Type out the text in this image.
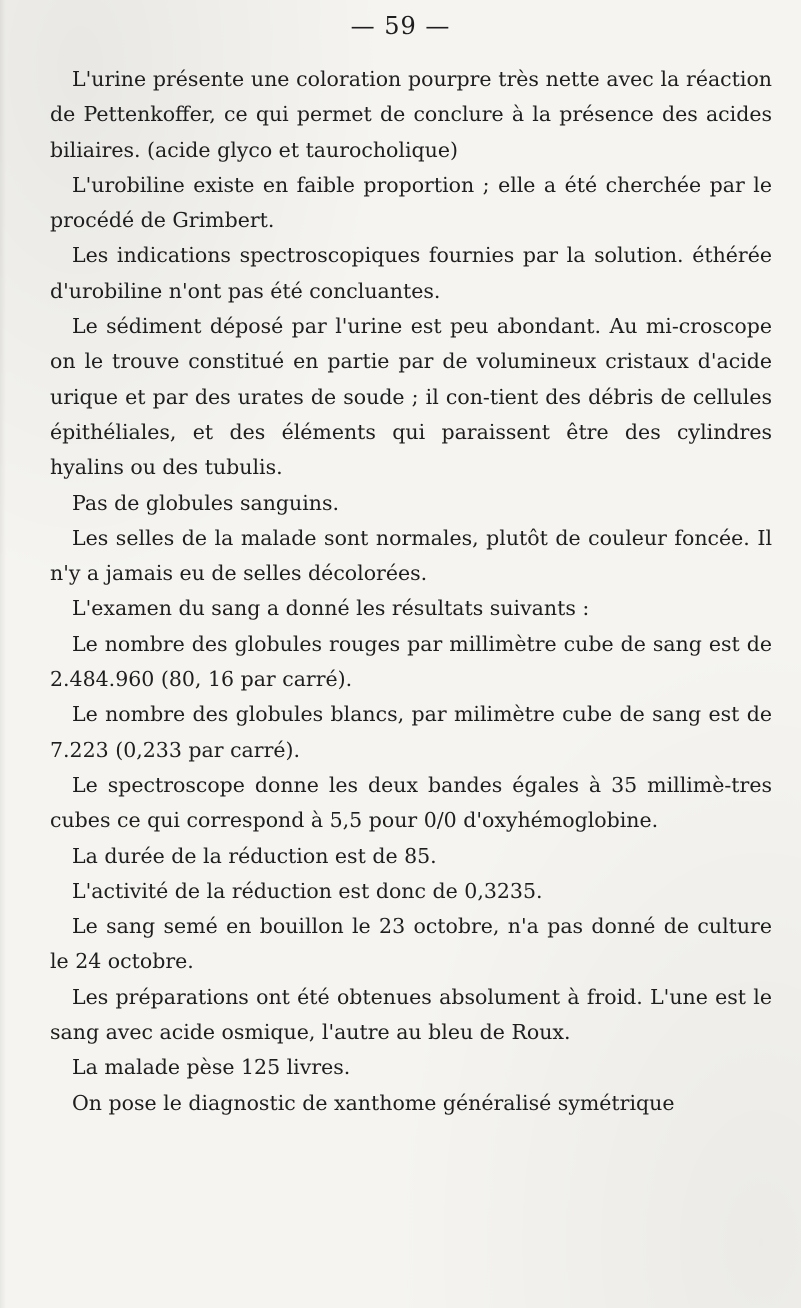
— 59 —

L'urine présente une coloration pourpre très nette avec la réaction de Pettenkoffer, ce qui permet de conclure à la présence des acides biliaires. (acide glyco et taurocholique)

L'urobiline existe en faible proportion ; elle a été cherchée par le procédé de Grimbert.

Les indications spectroscopiques fournies par la solution. éthérée d'urobiline n'ont pas été concluantes.

Le sédiment déposé par l'urine est peu abondant. Au mi-croscope on le trouve constitué en partie par de volumineux cristaux d'acide urique et par des urates de soude ; il con-tient des débris de cellules épithéliales, et des éléments qui paraissent être des cylindres hyalins ou des tubulis.

Pas de globules sanguins.

Les selles de la malade sont normales, plutôt de couleur foncée. Il n'y a jamais eu de selles décolorées.

L'examen du sang a donné les résultats suivants :

Le nombre des globules rouges par millimètre cube de sang est de 2.484.960 (80, 16 par carré).

Le nombre des globules blancs, par milimètre cube de sang est de 7.223 (0,233 par carré).

Le spectroscope donne les deux bandes égales à 35 millimè-tres cubes ce qui correspond à 5,5 pour 0/0 d'oxyhémoglobine.

La durée de la réduction est de 85.

L'activité de la réduction est donc de 0,3235.

Le sang semé en bouillon le 23 octobre, n'a pas donné de culture le 24 octobre.

Les préparations ont été obtenues absolument à froid. L'une est le sang avec acide osmique, l'autre au bleu de Roux.

La malade pèse 125 livres.

On pose le diagnostic de xanthome généralisé symétrique
